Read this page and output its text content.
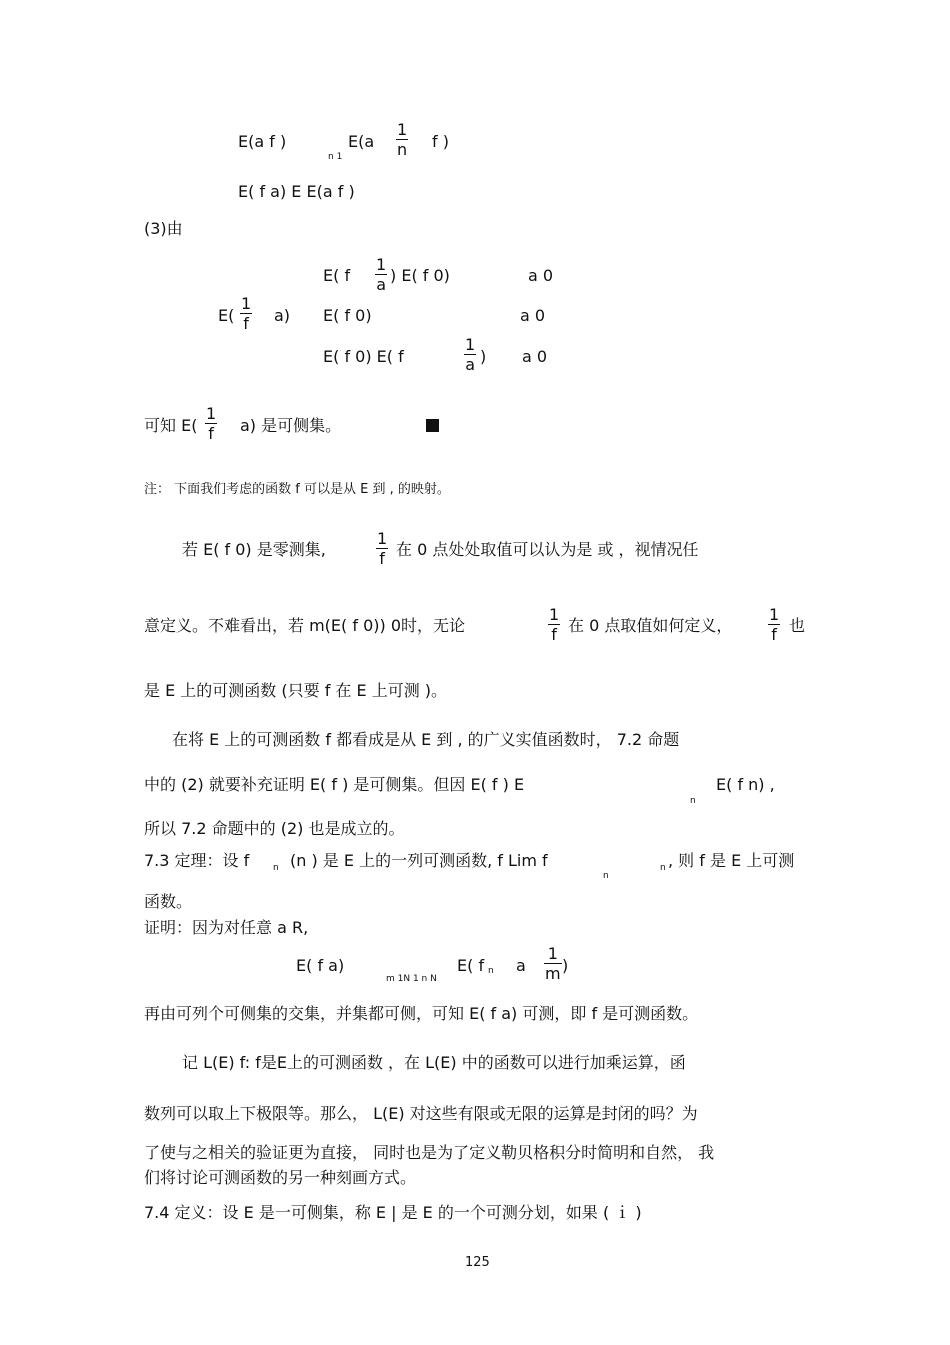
E(a f )
n 1
E(a
1
n f )
E( f a) E E(a f )
(3)由
E(
1
f a)
E( f
1
a ) E( f 0)	a 0
E( f 0)	a 0
E( f 0) E( f
1
a ) a 0
可知 E(
1
f a) 是可侧集。
注： 下面我们考虑的函数 f 可以是从 E 到 , 的映射。
若 E( f 0) 是零测集,
1
f 在 0 点处处取值可以认为是 或 ，视情况任
意定义。不难看出，若 m(E( f 0)) 0时，无论
1
f 在 0 点取值如何定义，
1
f 也
是 E 上的可测函数 (只要 f 在 E 上可测 )。
在将 E 上的可测函数 f 都看成是从 E 到 , 的广义实值函数时， 7.2 命题
中的 (2) 就要补充证明 E( f ) 是可侧集。但因 E( f ) E
n
E( f n) ,
所以 7.2 命题中的 (2) 也是成立的。
7.3 定理：设 f	n (n ) 是 E 上的一列可测函数, f Lim f	n
n
, 则 f 是 E 上可测
函数。
证明：因为对任意 a R,
E( f a)
m 1N 1 n N
E( f n a
1
m )
再由可列个可侧集的交集，并集都可侧，可知 E( f a) 可测，即 f 是可测函数。
记 L(E) f: f是E上的可测函数 ，在 L(E) 中的函数可以进行加乘运算，函
数列可以取上下极限等。那么， L(E) 对这些有限或无限的运算是封闭的吗？为
了使与之相关的验证更为直接， 同时也是为了定义勒贝格积分时简明和自然， 我
们将讨论可测函数的另一种刻画方式。
7.4 定义：设 E 是一可侧集，称 E | 是 E 的一个可测分划，如果 ( ｉ )
125
